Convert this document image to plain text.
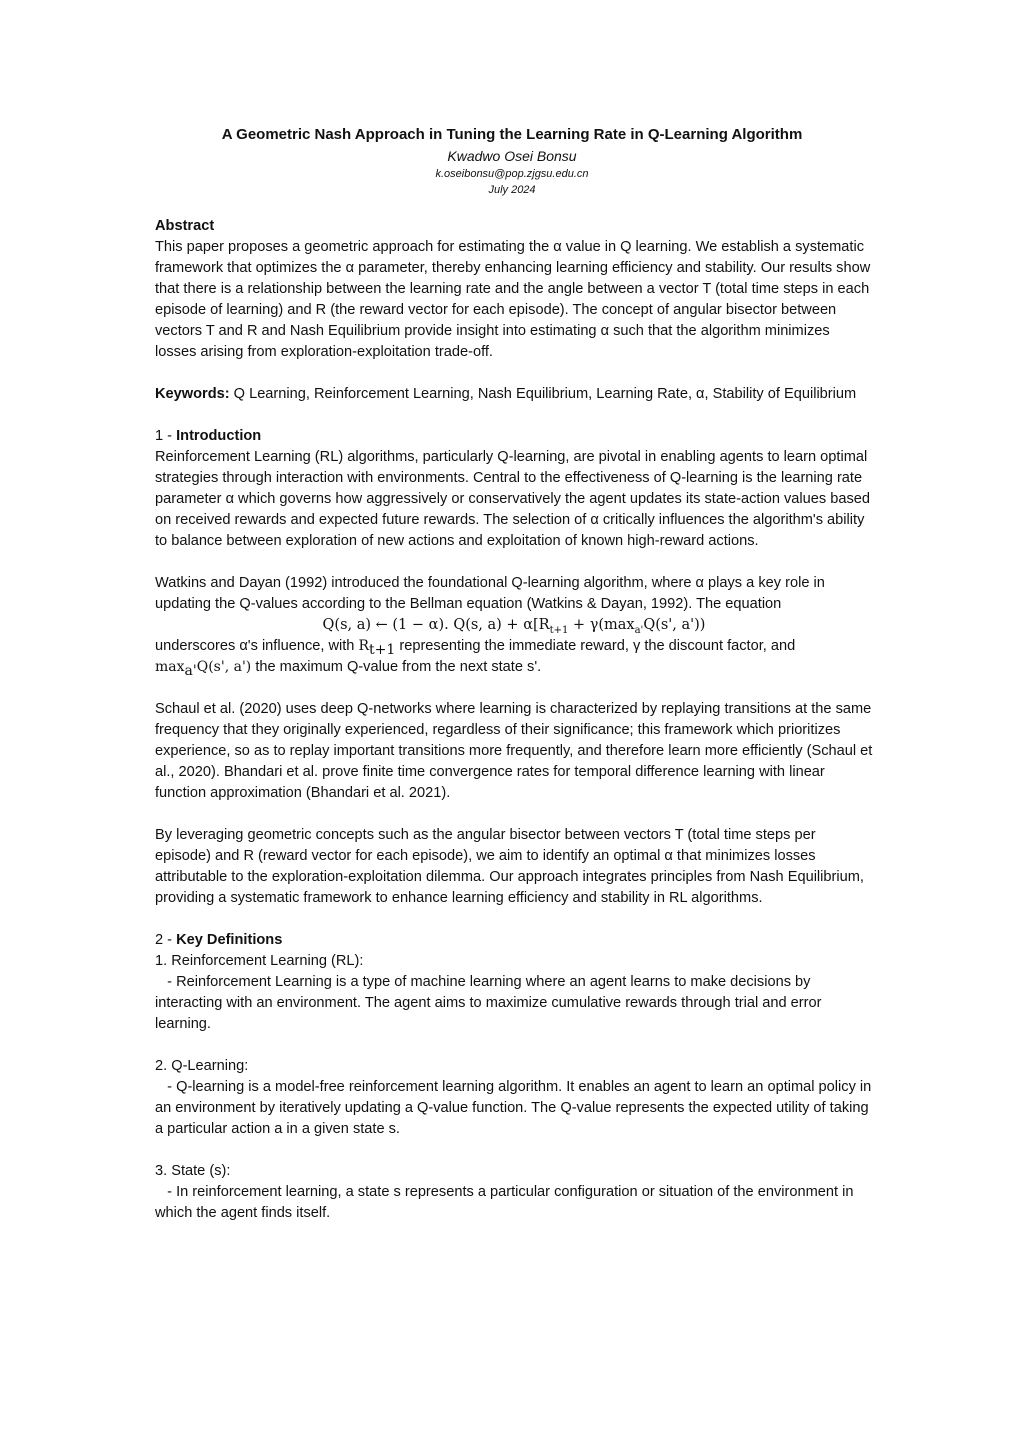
A Geometric Nash Approach in Tuning the Learning Rate in Q-Learning Algorithm
Kwadwo Osei Bonsu
k.oseibonsu@pop.zjgsu.edu.cn
July 2024

Abstract

This paper proposes a geometric approach for estimating the α value in Q learning. We establish a systematic framework that optimizes the α parameter, thereby enhancing learning efficiency and stability. Our results show that there is a relationship between the learning rate and the angle between a vector T (total time steps in each episode of learning) and R (the reward vector for each episode). The concept of angular bisector between vectors T and R and Nash Equilibrium provide insight into estimating α such that the algorithm minimizes losses arising from exploration-exploitation trade-off.

Keywords: Q Learning, Reinforcement Learning, Nash Equilibrium, Learning Rate, α, Stability of Equilibrium

1 - Introduction

Reinforcement Learning (RL) algorithms, particularly Q-learning, are pivotal in enabling agents to learn optimal strategies through interaction with environments. Central to the effectiveness of Q-learning is the learning rate parameter α which governs how aggressively or conservatively the agent updates its state-action values based on received rewards and expected future rewards. The selection of α critically influences the algorithm's ability to balance between exploration of new actions and exploitation of known high-reward actions.

Watkins and Dayan (1992) introduced the foundational Q-learning algorithm, where α plays a key role in updating the Q-values according to the Bellman equation (Watkins & Dayan, 1992). The equation

Q(s, a) ← (1 − α). Q(s, $a) + \alpha[R_{t+1} + \gamma(\max_{a'}Q(s'$, a'))

underscores α's influence, with $R_{t+1}$ representing the immediate reward, γ the discount factor, and
$\max_{a'}Q(s'$, a') the maximum Q-value from the next state s'.

Schaul et al. (2020) uses deep Q-networks where learning is characterized by replaying transitions at the same frequency that they originally experienced, regardless of their significance; this framework which prioritizes experience, so as to replay important transitions more frequently, and therefore learn more efficiently (Schaul et al., 2020). Bhandari et al. prove finite time convergence rates for temporal difference learning with linear function approximation (Bhandari et al. 2021).

By leveraging geometric concepts such as the angular bisector between vectors T (total time steps per episode) and R (reward vector for each episode), we aim to identify an optimal α that minimizes losses attributable to the exploration-exploitation dilemma. Our approach integrates principles from Nash Equilibrium, providing a systematic framework to enhance learning efficiency and stability in RL algorithms.

2 - Key Definitions

1. Reinforcement Learning (RL):

- Reinforcement Learning is a type of machine learning where an agent learns to make decisions by interacting with an environment. The agent aims to maximize cumulative rewards through trial and error learning.

2. Q-Learning:

- Q-learning is a model-free reinforcement learning algorithm. It enables an agent to learn an optimal policy in an environment by iteratively updating a Q-value function. The Q-value represents the expected utility of taking a particular action a in a given state s.

3. State (s):

- In reinforcement learning, a state s represents a particular configuration or situation of the environment in which the agent finds itself.
